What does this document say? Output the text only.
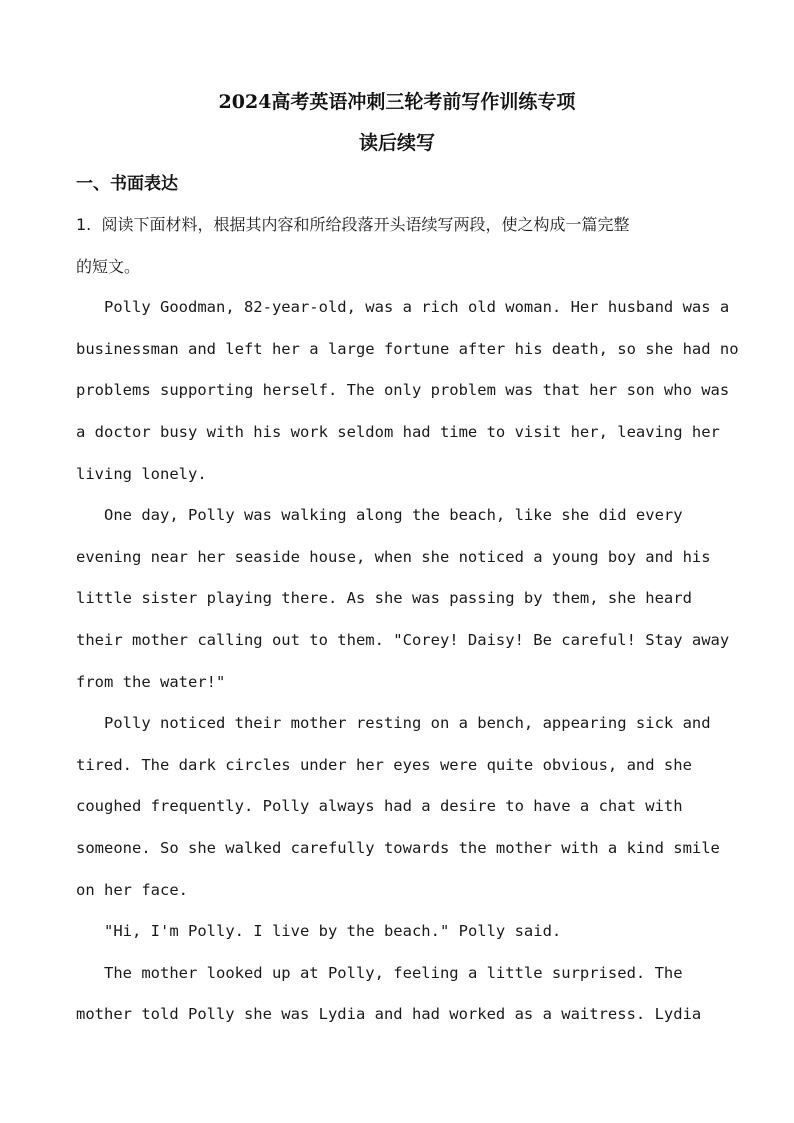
2024高考英语冲刺三轮考前写作训练专项
读后续写
一、书面表达
1. 阅读下面材料，根据其内容和所给段落开头语续写两段，使之构成一篇完整
的短文。
Polly Goodman, 82-year-old, was a rich old woman. Her husband was a
businessman and left her a large fortune after his death, so she had no
problems supporting herself. The only problem was that her son who was
a doctor busy with his work seldom had time to visit her, leaving her
living lonely.
One day, Polly was walking along the beach, like she did every
evening near her seaside house, when she noticed a young boy and his
little sister playing there. As she was passing by them, she heard
their mother calling out to them. "Corey! Daisy! Be careful! Stay away
from the water!"
Polly noticed their mother resting on a bench, appearing sick and
tired. The dark circles under her eyes were quite obvious, and she
coughed frequently. Polly always had a desire to have a chat with
someone. So she walked carefully towards the mother with a kind smile
on her face.
"Hi, I'm Polly. I live by the beach." Polly said.
The mother looked up at Polly, feeling a little surprised. The
mother told Polly she was Lydia and had worked as a waitress. Lydia
